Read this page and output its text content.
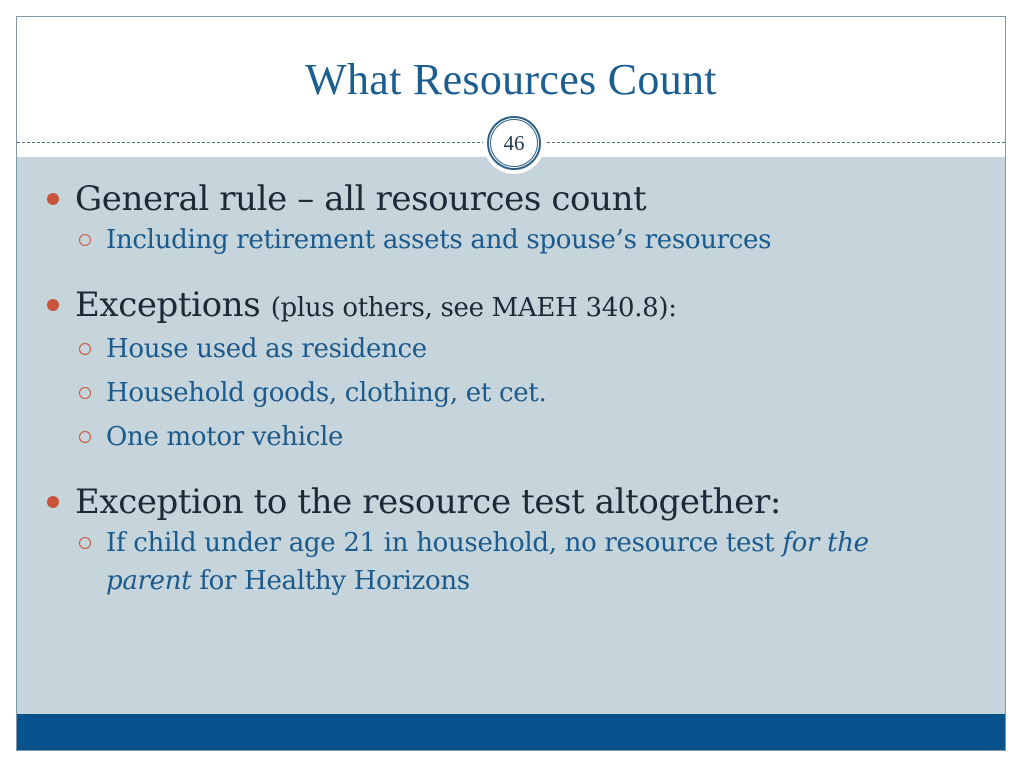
What Resources Count
46
General rule – all resources count
Including retirement assets and spouse’s resources
Exceptions (plus others, see MAEH 340.8):
House used as residence
Household goods, clothing, et cet.
One motor vehicle
Exception to the resource test altogether:
If child under age 21 in household, no resource test for the parent for Healthy Horizons
